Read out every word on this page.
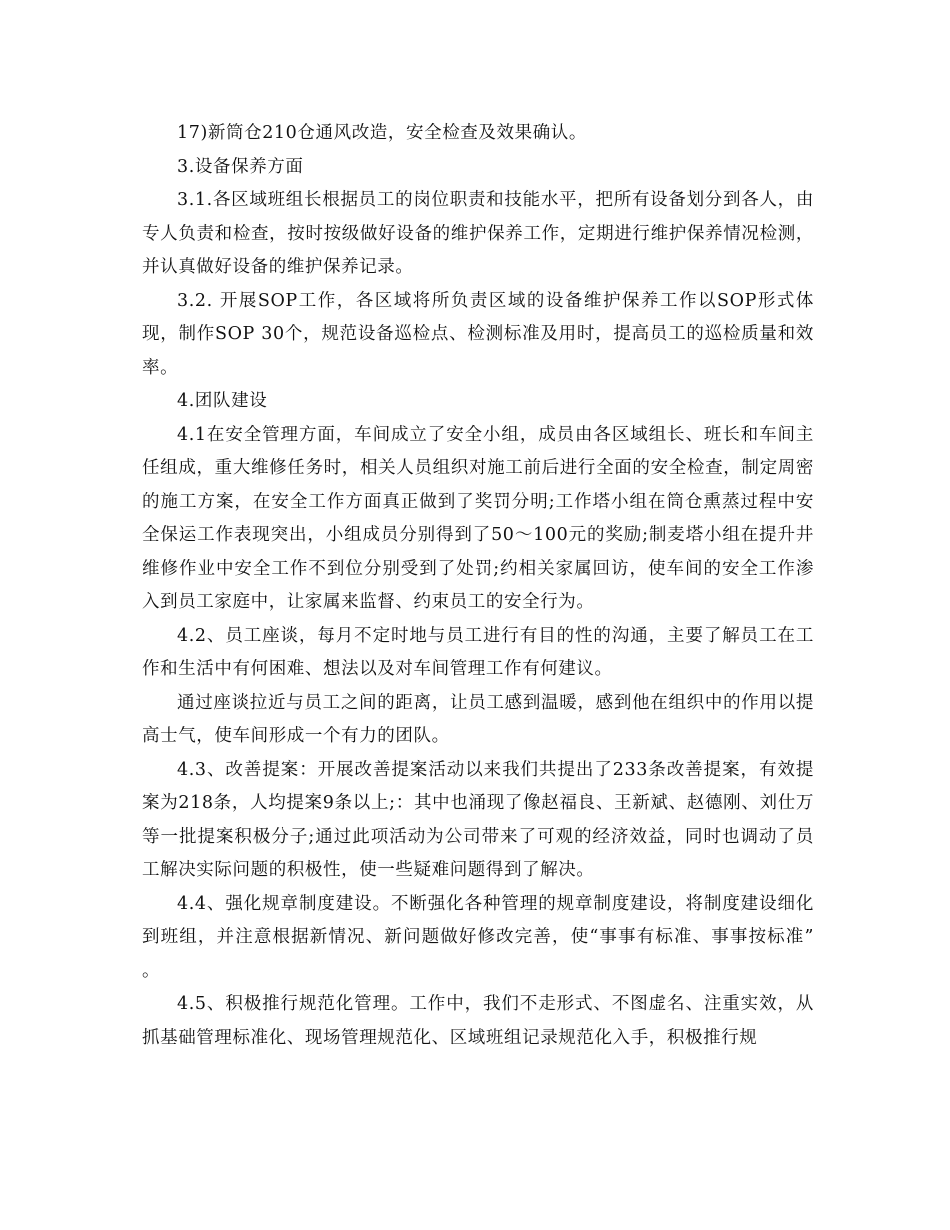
17)新筒仓210仓通风改造，安全检查及效果确认。

3.设备保养方面

3.1.各区域班组长根据员工的岗位职责和技能水平，把所有设备划分到各人，由专人负责和检查，按时按级做好设备的维护保养工作，定期进行维护保养情况检测，并认真做好设备的维护保养记录。

3.2. 开展SOP工作，各区域将所负责区域的设备维护保养工作以SOP形式体现，制作SOP 30个，规范设备巡检点、检测标准及用时，提高员工的巡检质量和效率。

4.团队建设

4.1在安全管理方面，车间成立了安全小组，成员由各区域组长、班长和车间主任组成，重大维修任务时，相关人员组织对施工前后进行全面的安全检查，制定周密的施工方案，在安全工作方面真正做到了奖罚分明;工作塔小组在筒仓熏蒸过程中安全保运工作表现突出，小组成员分别得到了50～100元的奖励;制麦塔小组在提升井维修作业中安全工作不到位分别受到了处罚;约相关家属回访，使车间的安全工作渗入到员工家庭中，让家属来监督、约束员工的安全行为。

4.2、员工座谈，每月不定时地与员工进行有目的性的沟通，主要了解员工在工作和生活中有何困难、想法以及对车间管理工作有何建议。

通过座谈拉近与员工之间的距离，让员工感到温暖，感到他在组织中的作用以提高士气，使车间形成一个有力的团队。

4.3、改善提案：开展改善提案活动以来我们共提出了233条改善提案，有效提案为218条，人均提案9条以上;：其中也涌现了像赵福良、王新斌、赵德刚、刘仕万等一批提案积极分子;通过此项活动为公司带来了可观的经济效益，同时也调动了员工解决实际问题的积极性，使一些疑难问题得到了解决。

4.4、强化规章制度建设。不断强化各种管理的规章制度建设，将制度建设细化到班组，并注意根据新情况、新问题做好修改完善，使“事事有标准、事事按标准” 。

4.5、积极推行规范化管理。工作中，我们不走形式、不图虚名、注重实效，从抓基础管理标准化、现场管理规范化、区域班组记录规范化入手，积极推行规
